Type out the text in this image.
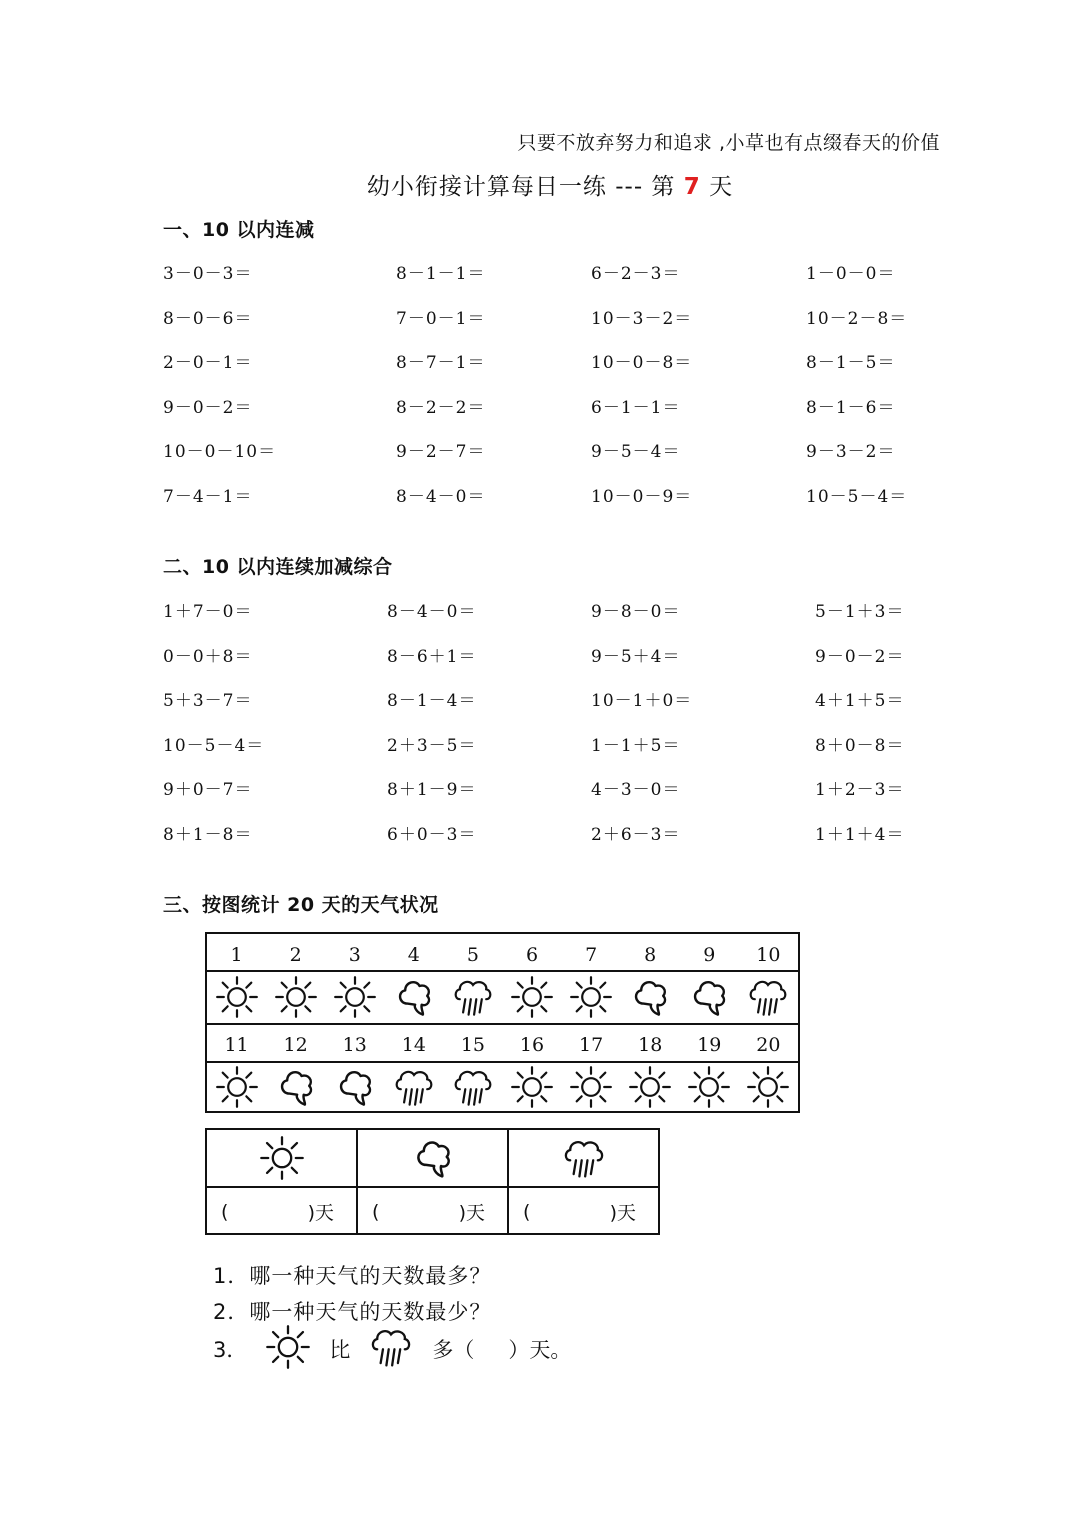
只要不放弃努力和追求 ,小草也有点缀春天的价值
幼小衔接计算每日一练 --- 第 7 天
一、10 以内连减
3－0－3＝	8－1－1＝	6－2－3＝	1－0－0＝
8－0－6＝	7－0－1＝	10－3－2＝	10－2－8＝
2－0－1＝	8－7－1＝	10－0－8＝	8－1－5＝
9－0－2＝	8－2－2＝	6－1－1＝	8－1－6＝
10－0－10＝	9－2－7＝	9－5－4＝	9－3－2＝
7－4－1＝	8－4－0＝	10－0－9＝	10－5－4＝
二、10 以内连续加减综合
1＋7－0＝	8－4－0＝	9－8－0＝	5－1＋3＝
0－0＋8＝	8－6＋1＝	9－5＋4＝	9－0－2＝
5＋3－7＝	8－1－4＝	10－1＋0＝	4＋1＋5＝
10－5－4＝	2＋3－5＝	1－1＋5＝	8＋0－8＝
9＋0－7＝	8＋1－9＝	4－3－0＝	1＋2－3＝
8＋1－8＝	6＋0－3＝	2＋6－3＝	1＋1＋4＝
三、按图统计 20 天的天气状况
1	2	3	4	5	6	7	8	9	10
11	12	13	14	15	16	17	18	19	20
(	)天 (	)天 (	)天
1．哪一种天气的天数最多？
2．哪一种天气的天数最少？
3．	比	多（ ）天。
